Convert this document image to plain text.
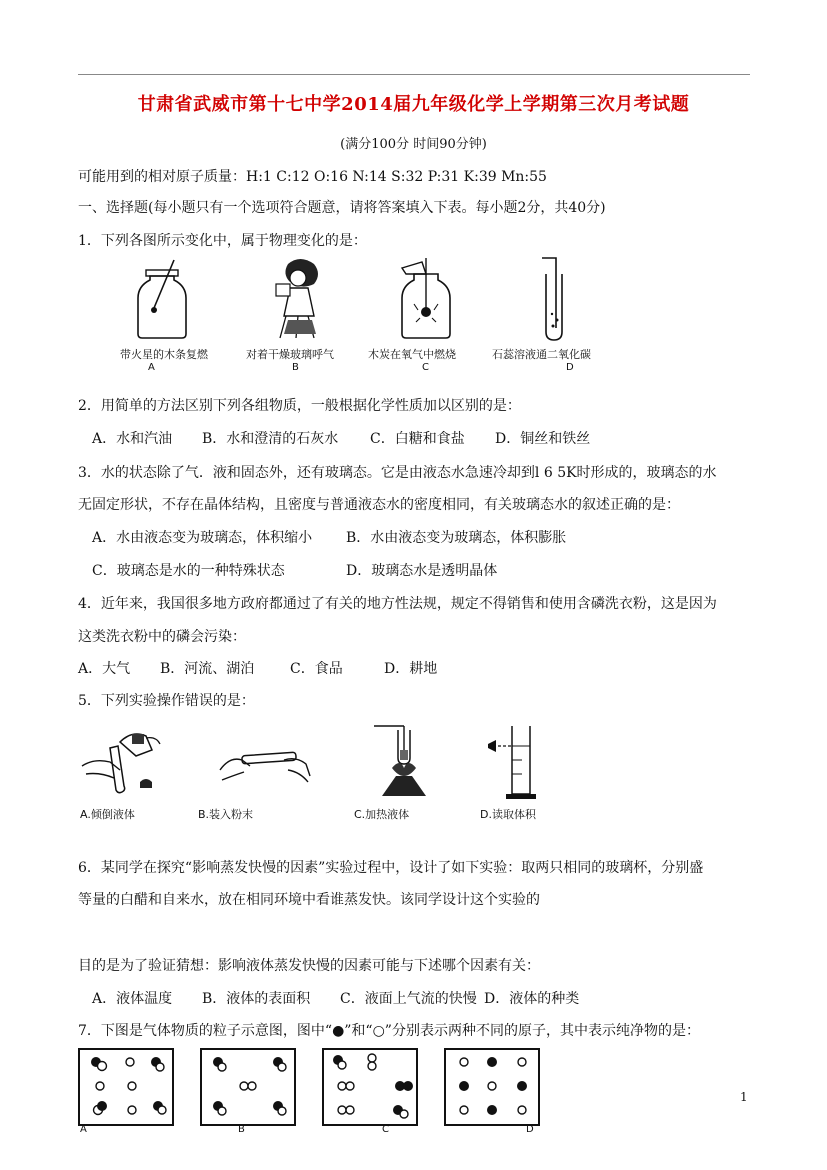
甘肃省武威市第十七中学2014届九年级化学上学期第三次月考试题
(满分100分 时间90分钟)
可能用到的相对原子质量：H:1 C:12 O:16 N:14 S:32 P:31 K:39 Mn:55
一、选择题(每小题只有一个选项符合题意，请将答案填入下表。每小题2分，共40分)
1．下列各图所示变化中，属于物理变化的是：
带火星的木条复燃	对着干燥玻璃呼气	木炭在氧气中燃烧	石蕊溶液通二氧化碳
A	B	C	D
2．用简单的方法区别下列各组物质，一般根据化学性质加以区别的是：
A．水和汽油 B．水和澄清的石灰水 C．白糖和食盐 D．铜丝和铁丝
3．水的状态除了气．液和固态外，还有玻璃态。它是由液态水急速冷却到l 6 5K时形成的，玻璃态的水
无固定形状，不存在晶体结构，且密度与普通液态水的密度相同，有关玻璃态水的叙述正确的是：
A．水由液态变为玻璃态，体积缩小 B．水由液态变为玻璃态，体积膨胀
C．玻璃态是水的一种特殊状态	D．玻璃态水是透明晶体
4．近年来，我国很多地方政府都通过了有关的地方性法规，规定不得销售和使用含磷洗衣粉，这是因为
这类洗衣粉中的磷会污染：
A．大气 B．河流、湖泊	C．食品	D．耕地
5．下列实验操作错误的是：
A.倾倒液体	B.装入粉末	C.加热液体	D.读取体积
6．某同学在探究“影响蒸发快慢的因素”实验过程中，设计了如下实验：取两只相同的玻璃杯，分别盛
等量的白醋和自来水，放在相同环境中看谁蒸发快。该同学设计这个实验的
目的是为了验证猜想：影响液体蒸发快慢的因素可能与下述哪个因素有关：
A．液体温度 B．液体的表面积 C．液面上气流的快慢 D．液体的种类
7．下图是气体物质的粒子示意图，图中“●”和“○”分别表示两种不同的原子，其中表示纯净物的是：
A	B	C	D
1
